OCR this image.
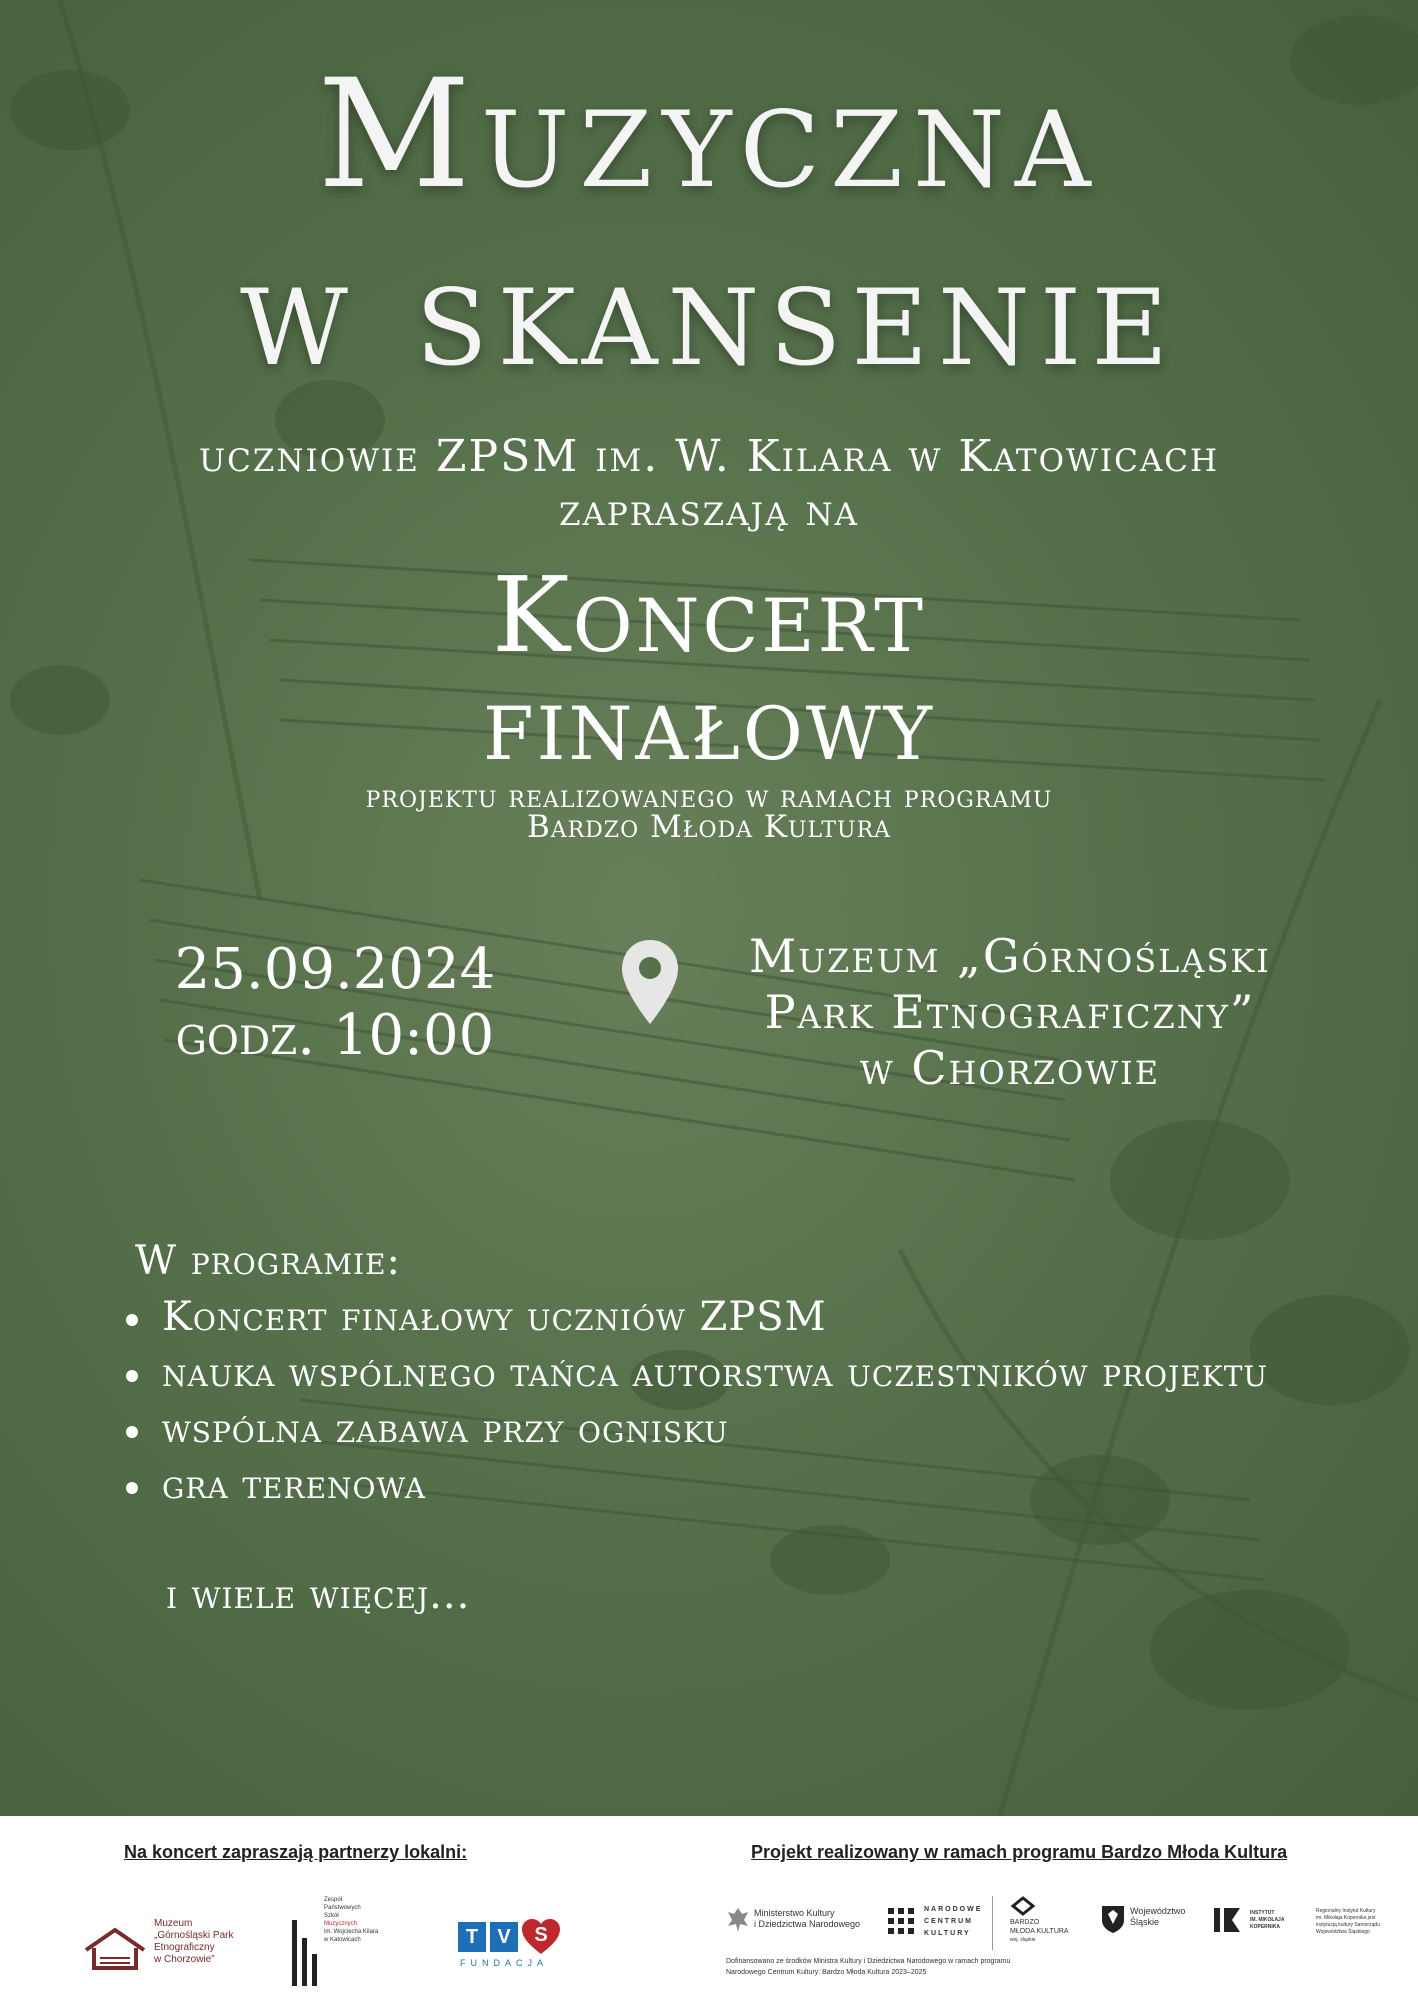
Muzyczna
w skansenie
uczniowie ZPSM im. W. Kilara w Katowicach
zapraszają na
Koncert
finałowy
projektu realizowanego w ramach programu
Bardzo Młoda Kultura
25.09.2024
godz. 10:00
Muzeum „Górnośląski
Park Etnograficzny”
w Chorzowie
W programie:
Koncert finałowy uczniów ZPSM
nauka wspólnego tańca autorstwa uczestników projektu
wspólna zabawa przy ognisku
gra terenowa
i wiele więcej...
Na koncert zapraszają partnerzy lokalni:	Projekt realizowany w ramach programu Bardzo Młoda Kultura
Muzeum
„Górnośląski Park
Etnograficzny
w Chorzowie”
Zespół
Państwowych
Szkół
Muzycznych
im. Wojciecha Kilara
w Katowicach	T V	S
FUNDACJA
Ministerstwo Kultury
i Dziedzictwa Narodowego
NARODOWE
CENTRUM
KULTURY
BARDZO
MŁODA KULTURA
woj. śląskie
Województwo
Śląskie
INSTYTUT
IM. MIKOŁAJA
KOPERNIKA
Regionalny Instytut Kultury
im. Mikołaja Kopernika jest
instytucją kultury Samorządu
Województwa Śląskiego
Dofinansowano ze środków Ministra Kultury i Dziedzictwa Narodowego w ramach programu
Narodowego Centrum Kultury: Bardzo Młoda Kultura 2023–2025
